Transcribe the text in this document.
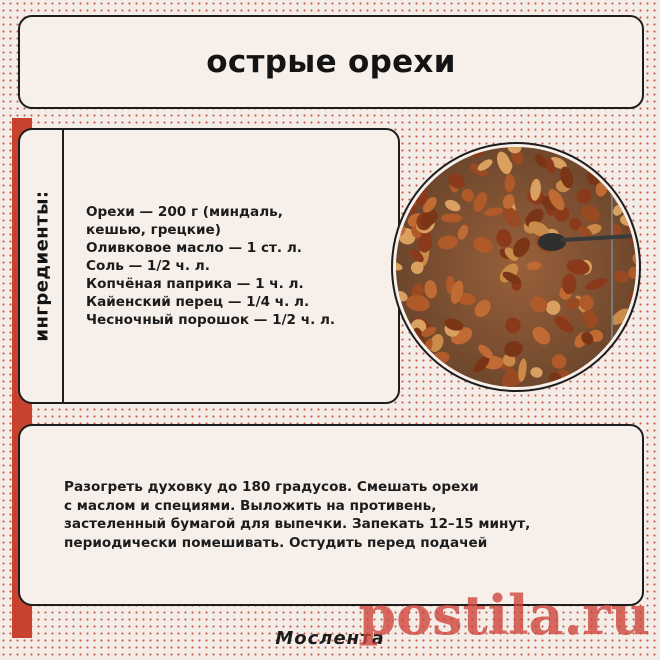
острые орехи
ингредиенты: Орехи — 200 г (миндаль,
кешью, грецкие)
Оливковое масло — 1 ст. л.
Соль — 1/2 ч. л.
Копчёная паприка — 1 ч. л.
Кайенский перец — 1/4 ч. л.
Чесночный порошок — 1/2 ч. л.
Разогреть духовку до 180 градусов. Смешать орехи
с маслом и специями. Выложить на противень,
застеленный бумагой для выпечки. Запекать 12–15 минут,
периодически помешивать. Остудить перед подачей
Мослента
postila.ru
